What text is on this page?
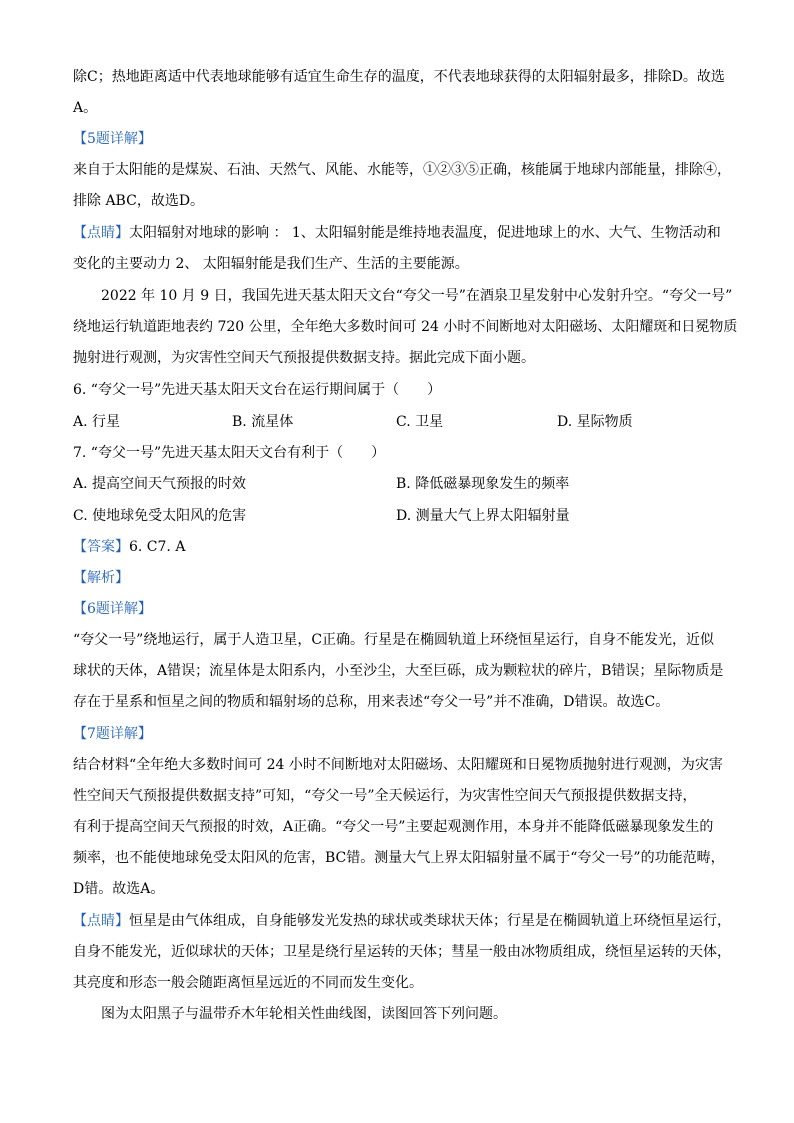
除C；热地距离适中代表地球能够有适宜生命生存的温度，不代表地球获得的太阳辐射最多，排除D。故选
A。
【5题详解】
来自于太阳能的是煤炭、石油、天然气、风能、水能等，①②③⑤正确，核能属于地球内部能量，排除④，
排除 ABC，故选D。
【点睛】太阳辐射对地球的影响 ： 1、太阳辐射能是维持地表温度，促进地球上的水、大气、生物活动和
变化的主要动力 2、 太阳辐射能是我们生产、生活的主要能源。
2022 年 10 月 9 日，我国先进天基太阳天文台“夸父一号”在酒泉卫星发射中心发射升空。“夸父一号”
绕地运行轨道距地表约 720 公里，全年绝大多数时间可 24 小时不间断地对太阳磁场、太阳耀斑和日冕物质
抛射进行观测，为灾害性空间天气预报提供数据支持。据此完成下面小题。
6. “夸父一号”先进天基太阳天文台在运行期间属于（　　）
A. 行星	B. 流星体	C. 卫星	D. 星际物质
7. “夸父一号”先进天基太阳天文台有利于（　　）
A. 提高空间天气预报的时效	B. 降低磁暴现象发生的频率
C. 使地球免受太阳风的危害	D. 测量大气上界太阳辐射量
【答案】6. C7. A
【解析】
【6题详解】
“夸父一号”绕地运行，属于人造卫星，C正确。行星是在椭圆轨道上环绕恒星运行，自身不能发光，近似
球状的天体，A错误；流星体是太阳系内，小至沙尘，大至巨砾，成为颗粒状的碎片，B错误；星际物质是
存在于星系和恒星之间的物质和辐射场的总称，用来表述“夸父一号”并不准确，D错误。故选C。
【7题详解】
结合材料“全年绝大多数时间可 24 小时不间断地对太阳磁场、太阳耀斑和日冕物质抛射进行观测，为灾害
性空间天气预报提供数据支持”可知，“夸父一号”全天候运行，为灾害性空间天气预报提供数据支持，
有利于提高空间天气预报的时效，A正确。“夸父一号”主要起观测作用，本身并不能降低磁暴现象发生的
频率，也不能使地球免受太阳风的危害，BC错。测量大气上界太阳辐射量不属于“夸父一号”的功能范畴，
D错。故选A。
【点睛】恒星是由气体组成，自身能够发光发热的球状或类球状天体；行星是在椭圆轨道上环绕恒星运行，
自身不能发光，近似球状的天体；卫星是绕行星运转的天体；彗星一般由冰物质组成，绕恒星运转的天体，
其亮度和形态一般会随距离恒星远近的不同而发生变化。
图为太阳黑子与温带乔木年轮相关性曲线图，读图回答下列问题。
